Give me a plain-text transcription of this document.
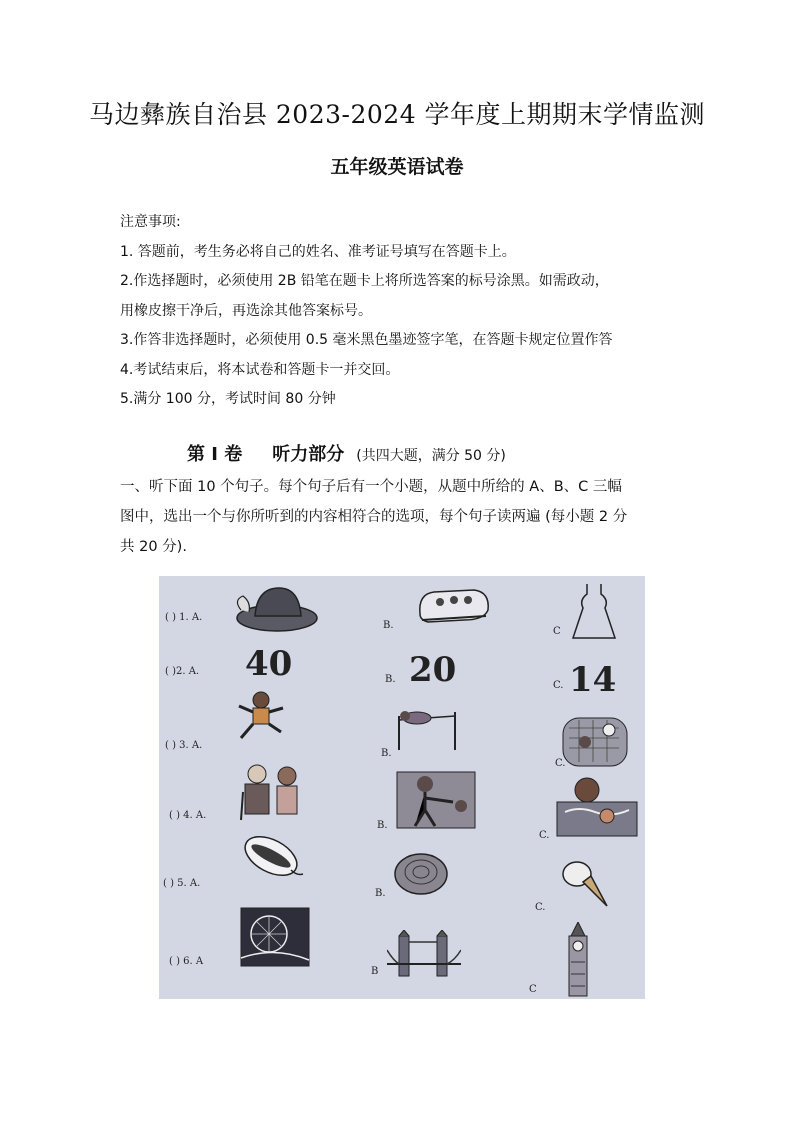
马边彝族自治县 2023-2024 学年度上期期末学情监测
五年级英语试卷
注意事项:
1. 答题前，考生务必将自己的姓名、准考证号填写在答题卡上。
2.作选择题时，必须使用 2B 铅笔在题卡上将所选答案的标号涂黑。如需政动，
用橡皮擦干净后，再选涂其他答案标号。
3.作答非选择题时，必须使用 0.5 毫米黑色墨迹签字笔，在答题卡规定位置作答
4.考试结束后，将本试卷和答题卡一并交回。
5.满分 100 分，考试时间 80 分钟
第 I 卷 听力部分 (共四大题，满分 50 分)
一、听下面 10 个句子。每个句子后有一个小题，从题中所给的 A、B、C 三幅
图中，选出一个与你所听到的内容相符合的选项，每个句子读两遍 (每小题 2 分
共 20 分).
( ) 1. A.
B.
C
( )2. A. 40	B. 20	C. 14
( ) 3. A.
B.
C.
( ) 4. A.
B.
C.
( ) 5. A.
B.
C.
( ) 6. A
B
C
